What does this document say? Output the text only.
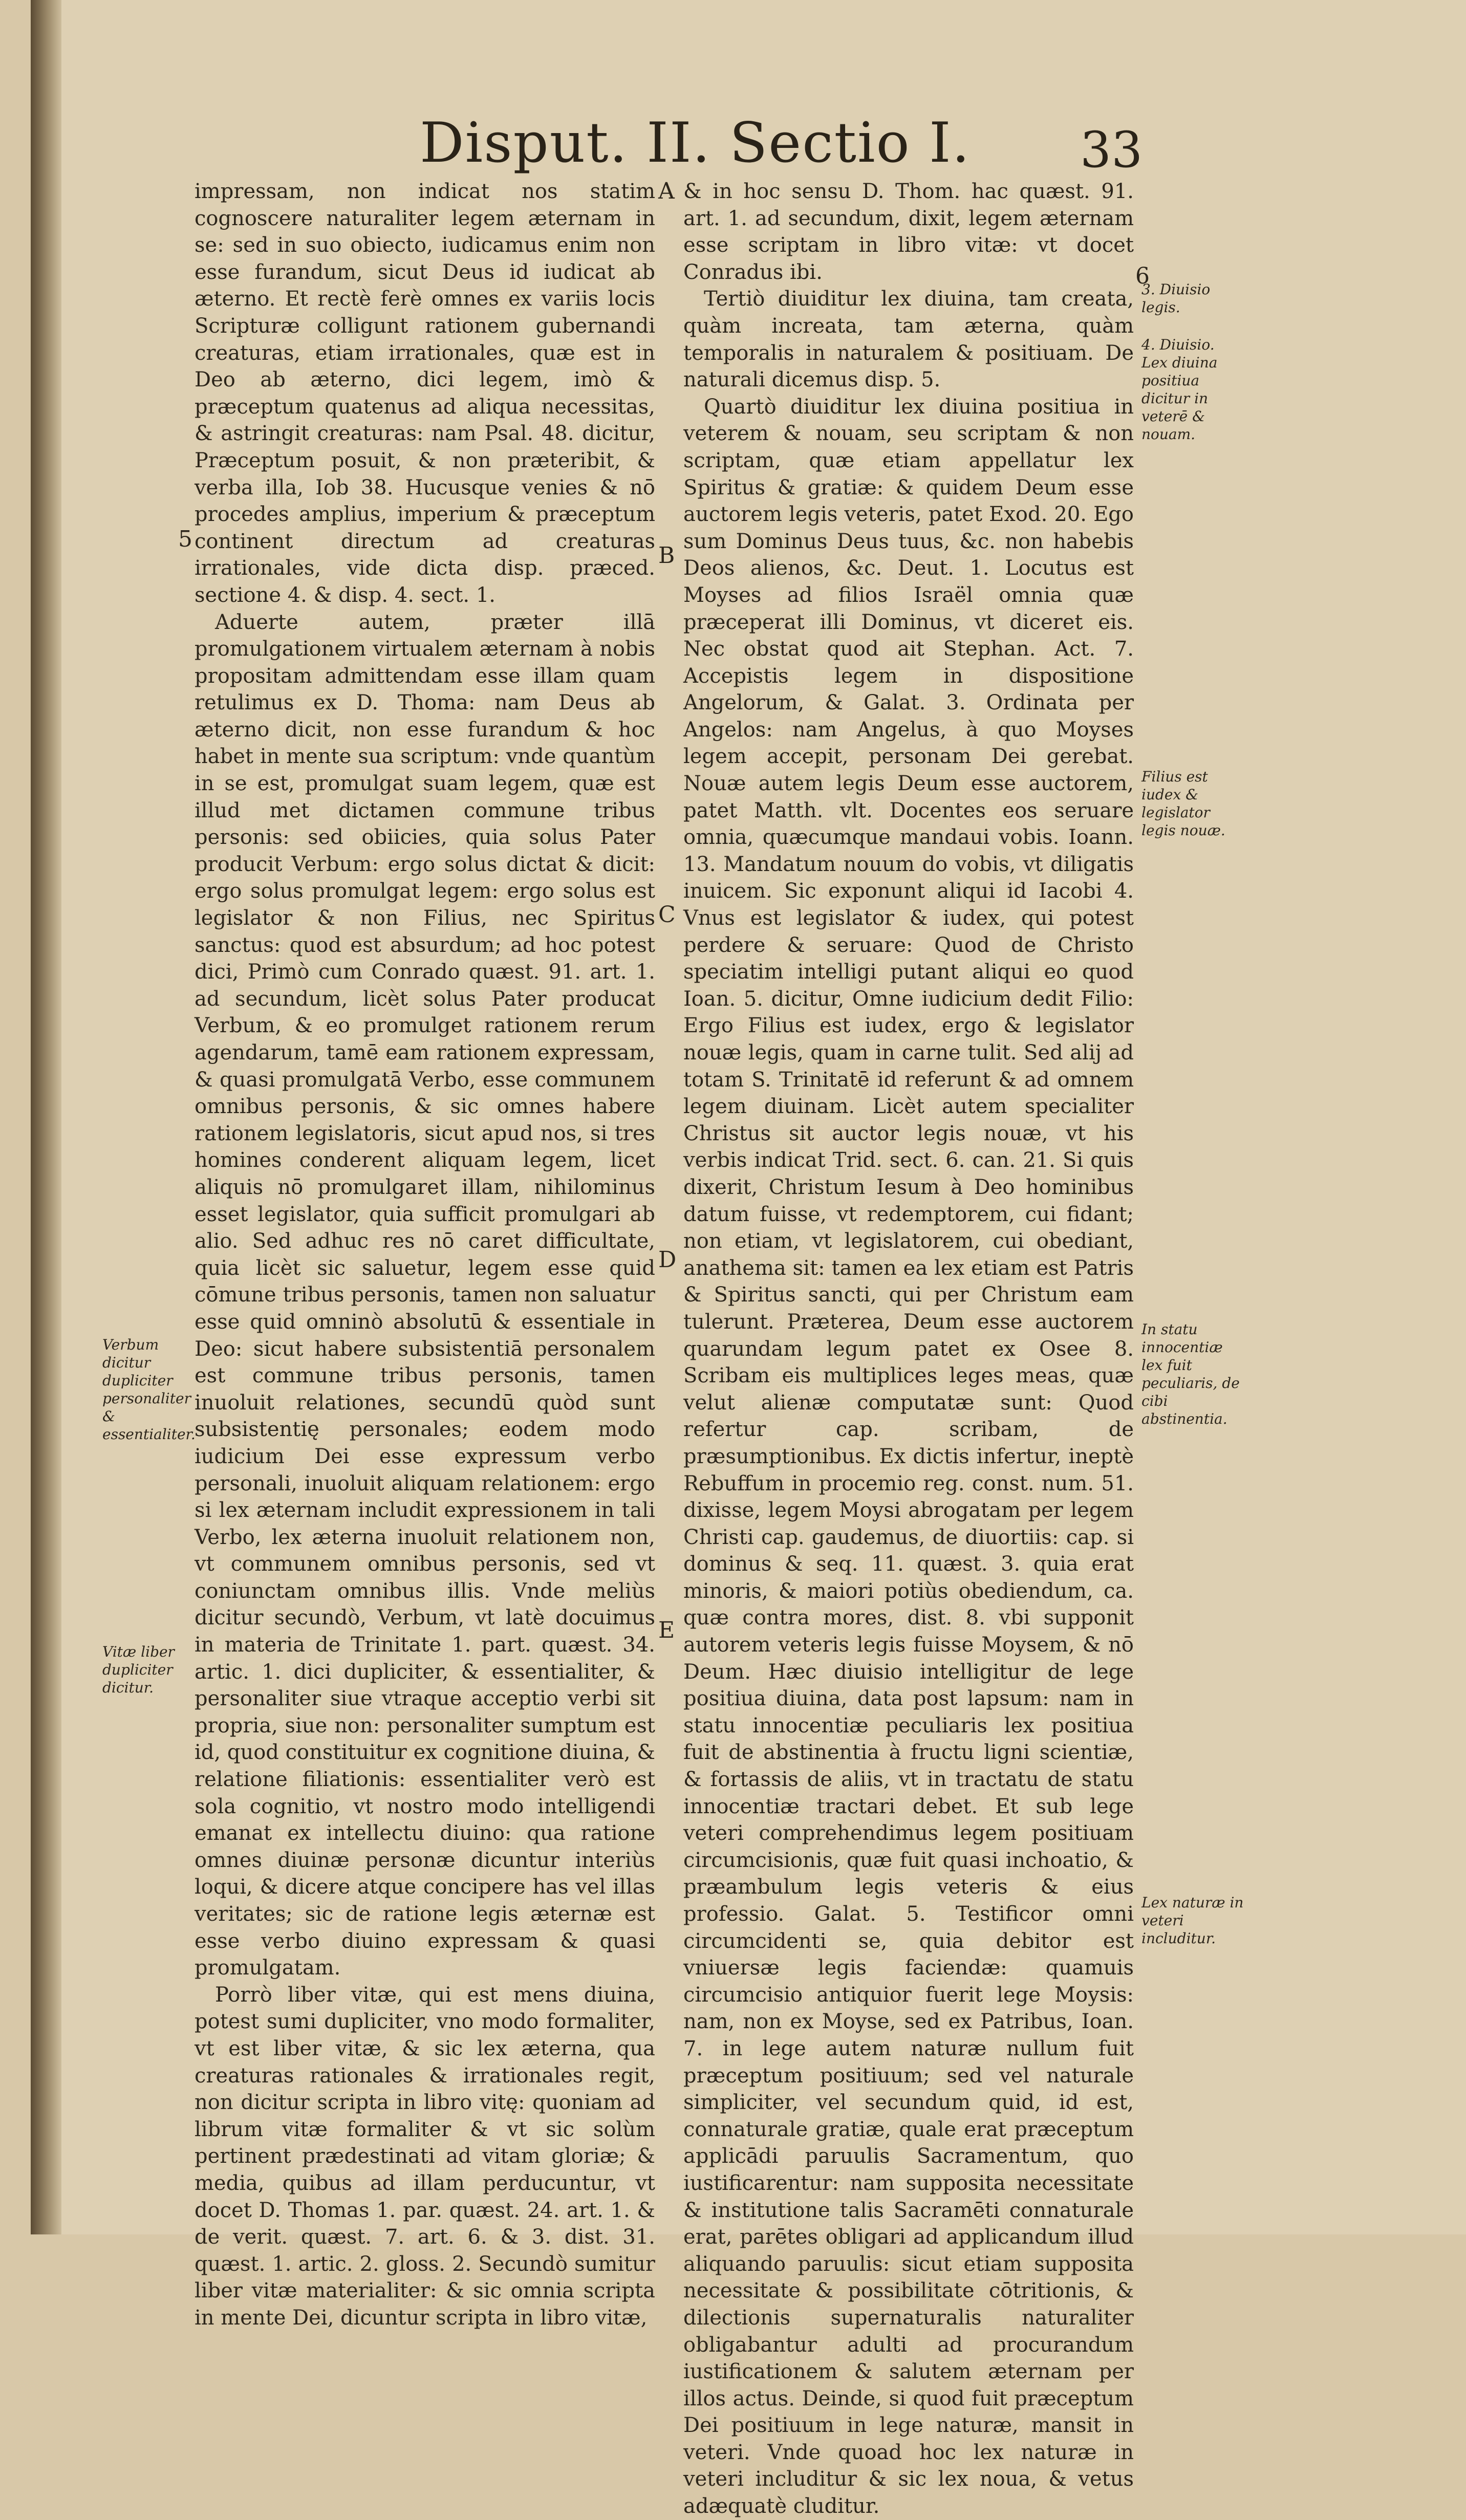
Disput. II. Sectio I.	33
5
6
A
B
C
D
E
Verbum dicitur dupliciter personaliter & essentialiter.
Vitæ liber dupliciter dicitur.
3. Diuisio legis.
4. Diuisio. Lex diuina positiua dicitur in veterē & nouam.
Filius est iudex & legislator legis nouæ.
In statu innocentiæ lex fuit peculiaris, de cibi abstinentia.
Lex naturæ in veteri includitur.

impressam, non indicat nos statim cognoscere naturaliter legem æternam in se: sed in suo obiecto, iudicamus enim non esse furandum, sicut Deus id iudicat ab æterno. Et rectè ferè omnes ex variis locis Scripturæ colligunt rationem gubernandi creaturas, etiam irrationales, quæ est in Deo ab æterno, dici legem, imò & præceptum quatenus ad aliqua necessitas, & astringit creaturas: nam Psal. 48. dicitur, Præceptum posuit, & non præteribit, & verba illa, Iob 38. Hucusque venies & nō procedes amplius, imperium & præceptum continent directum ad creaturas irrationales, vide dicta disp. præced. sectione 4. & disp. 4. sect. 1.

Aduerte autem, præter illā promulgationem virtualem æternam à nobis propositam admittendam esse illam quam retulimus ex D. Thoma: nam Deus ab æterno dicit, non esse furandum & hoc habet in mente sua scriptum: vnde quantùm in se est, promulgat suam legem, quæ est illud met dictamen commune tribus personis: sed obiicies, quia solus Pater producit Verbum: ergo solus dictat & dicit: ergo solus promulgat legem: ergo solus est legislator & non Filius, nec Spiritus sanctus: quod est absurdum; ad hoc potest dici, Primò cum Conrado quæst. 91. art. 1. ad secundum, licèt solus Pater producat Verbum, & eo promulget rationem rerum agendarum, tamē eam rationem expressam, & quasi promulgatā Verbo, esse communem omnibus personis, & sic omnes habere rationem legislatoris, sicut apud nos, si tres homines conderent aliquam legem, licet aliquis nō promulgaret illam, nihilominus esset legislator, quia sufficit promulgari ab alio. Sed adhuc res nō caret difficultate, quia licèt sic saluetur, legem esse quid cōmune tribus personis, tamen non saluatur esse quid omninò absolutū & essentiale in Deo: sicut habere subsistentiā personalem est commune tribus personis, tamen inuoluit relationes, secundū quòd sunt subsistentię personales; eodem modo iudicium Dei esse expressum verbo personali, inuoluit aliquam relationem: ergo si lex æternam includit expressionem in tali Verbo, lex æterna inuoluit relationem non, vt communem omnibus personis, sed vt coniunctam omnibus illis. Vnde meliùs dicitur secundò, Verbum, vt latè docuimus in materia de Trinitate 1. part. quæst. 34. artic. 1. dici dupliciter, & essentialiter, & personaliter siue vtraque acceptio verbi sit propria, siue non: personaliter sumptum est id, quod constituitur ex cognitione diuina, & relatione filiationis: essentialiter verò est sola cognitio, vt nostro modo intelligendi emanat ex intellectu diuino: qua ratione omnes diuinæ personæ dicuntur interiùs loqui, & dicere atque concipere has vel illas veritates; sic de ratione legis æternæ est esse verbo diuino expressam & quasi promulgatam.

Porrò liber vitæ, qui est mens diuina, potest sumi dupliciter, vno modo formaliter, vt est liber vitæ, & sic lex æterna, qua creaturas rationales & irrationales regit, non dicitur scripta in libro vitę: quoniam ad librum vitæ formaliter & vt sic solùm pertinent prædestinati ad vitam gloriæ; & media, quibus ad illam perducuntur, vt docet D. Thomas 1. par. quæst. 24. art. 1. & de verit. quæst. 7. art. 6. & 3. dist. 31. quæst. 1. artic. 2. gloss. 2. Secundò sumitur liber vitæ materialiter: & sic omnia scripta in mente Dei, dicuntur scripta in libro vitæ,

& in hoc sensu D. Thom. hac quæst. 91. art. 1. ad secundum, dixit, legem æternam esse scriptam in libro vitæ: vt docet Conradus ibi.

Tertiò diuiditur lex diuina, tam creata, quàm increata, tam æterna, quàm temporalis in naturalem & positiuam. De naturali dicemus disp. 5.

Quartò diuiditur lex diuina positiua in veterem & nouam, seu scriptam & non scriptam, quæ etiam appellatur lex Spiritus & gratiæ: & quidem Deum esse auctorem legis veteris, patet Exod. 20. Ego sum Dominus Deus tuus, &c. non habebis Deos alienos, &c. Deut. 1. Locutus est Moyses ad filios Israël omnia quæ præceperat illi Dominus, vt diceret eis. Nec obstat quod ait Stephan. Act. 7. Accepistis legem in dispositione Angelorum, & Galat. 3. Ordinata per Angelos: nam Angelus, à quo Moyses legem accepit, personam Dei gerebat. Nouæ autem legis Deum esse auctorem, patet Matth. vlt. Docentes eos seruare omnia, quæcumque mandaui vobis. Ioann. 13. Mandatum nouum do vobis, vt diligatis inuicem. Sic exponunt aliqui id Iacobi 4. Vnus est legislator & iudex, qui potest perdere & seruare: Quod de Christo speciatim intelligi putant aliqui eo quod Ioan. 5. dicitur, Omne iudicium dedit Filio: Ergo Filius est iudex, ergo & legislator nouæ legis, quam in carne tulit. Sed alij ad totam S. Trinitatē id referunt & ad omnem legem diuinam. Licèt autem specialiter Christus sit auctor legis nouæ, vt his verbis indicat Trid. sect. 6. can. 21. Si quis dixerit, Christum Iesum à Deo hominibus datum fuisse, vt redemptorem, cui fidant; non etiam, vt legislatorem, cui obediant, anathema sit: tamen ea lex etiam est Patris & Spiritus sancti, qui per Christum eam tulerunt. Præterea, Deum esse auctorem quarundam legum patet ex Osee 8. Scribam eis multiplices leges meas, quæ velut alienæ computatæ sunt: Quod refertur cap. scribam, de præsumptionibus. Ex dictis infertur, ineptè Rebuffum in procemio reg. const. num. 51. dixisse, legem Moysi abrogatam per legem Christi cap. gaudemus, de diuortiis: cap. si dominus & seq. 11. quæst. 3. quia erat minoris, & maiori potiùs obediendum, ca. quæ contra mores, dist. 8. vbi supponit autorem veteris legis fuisse Moysem, & nō Deum. Hæc diuisio intelligitur de lege positiua diuina, data post lapsum: nam in statu innocentiæ peculiaris lex positiua fuit de abstinentia à fructu ligni scientiæ, & fortassis de aliis, vt in tractatu de statu innocentiæ tractari debet. Et sub lege veteri comprehendimus legem positiuam circumcisionis, quæ fuit quasi inchoatio, & præambulum legis veteris & eius professio. Galat. 5. Testificor omni circumcidenti se, quia debitor est vniuersæ legis faciendæ: quamuis circumcisio antiquior fuerit lege Moysis: nam, non ex Moyse, sed ex Patribus, Ioan. 7. in lege autem naturæ nullum fuit præceptum positiuum; sed vel naturale simpliciter, vel secundum quid, id est, connaturale gratiæ, quale erat præceptum applicādi paruulis Sacramentum, quo iustificarentur: nam supposita necessitate & institutione talis Sacramēti connaturale erat, parētes obligari ad applicandum illud aliquando paruulis: sicut etiam supposita necessitate & possibilitate cōtritionis, & dilectionis supernaturalis naturaliter obligabantur adulti ad procurandum iustificationem & salutem æternam per illos actus. Deinde, si quod fuit præceptum Dei positiuum in lege naturæ, mansit in veteri. Vnde quoad hoc lex naturæ in veteri includitur & sic lex noua, & vetus adæquatè cluditur.
